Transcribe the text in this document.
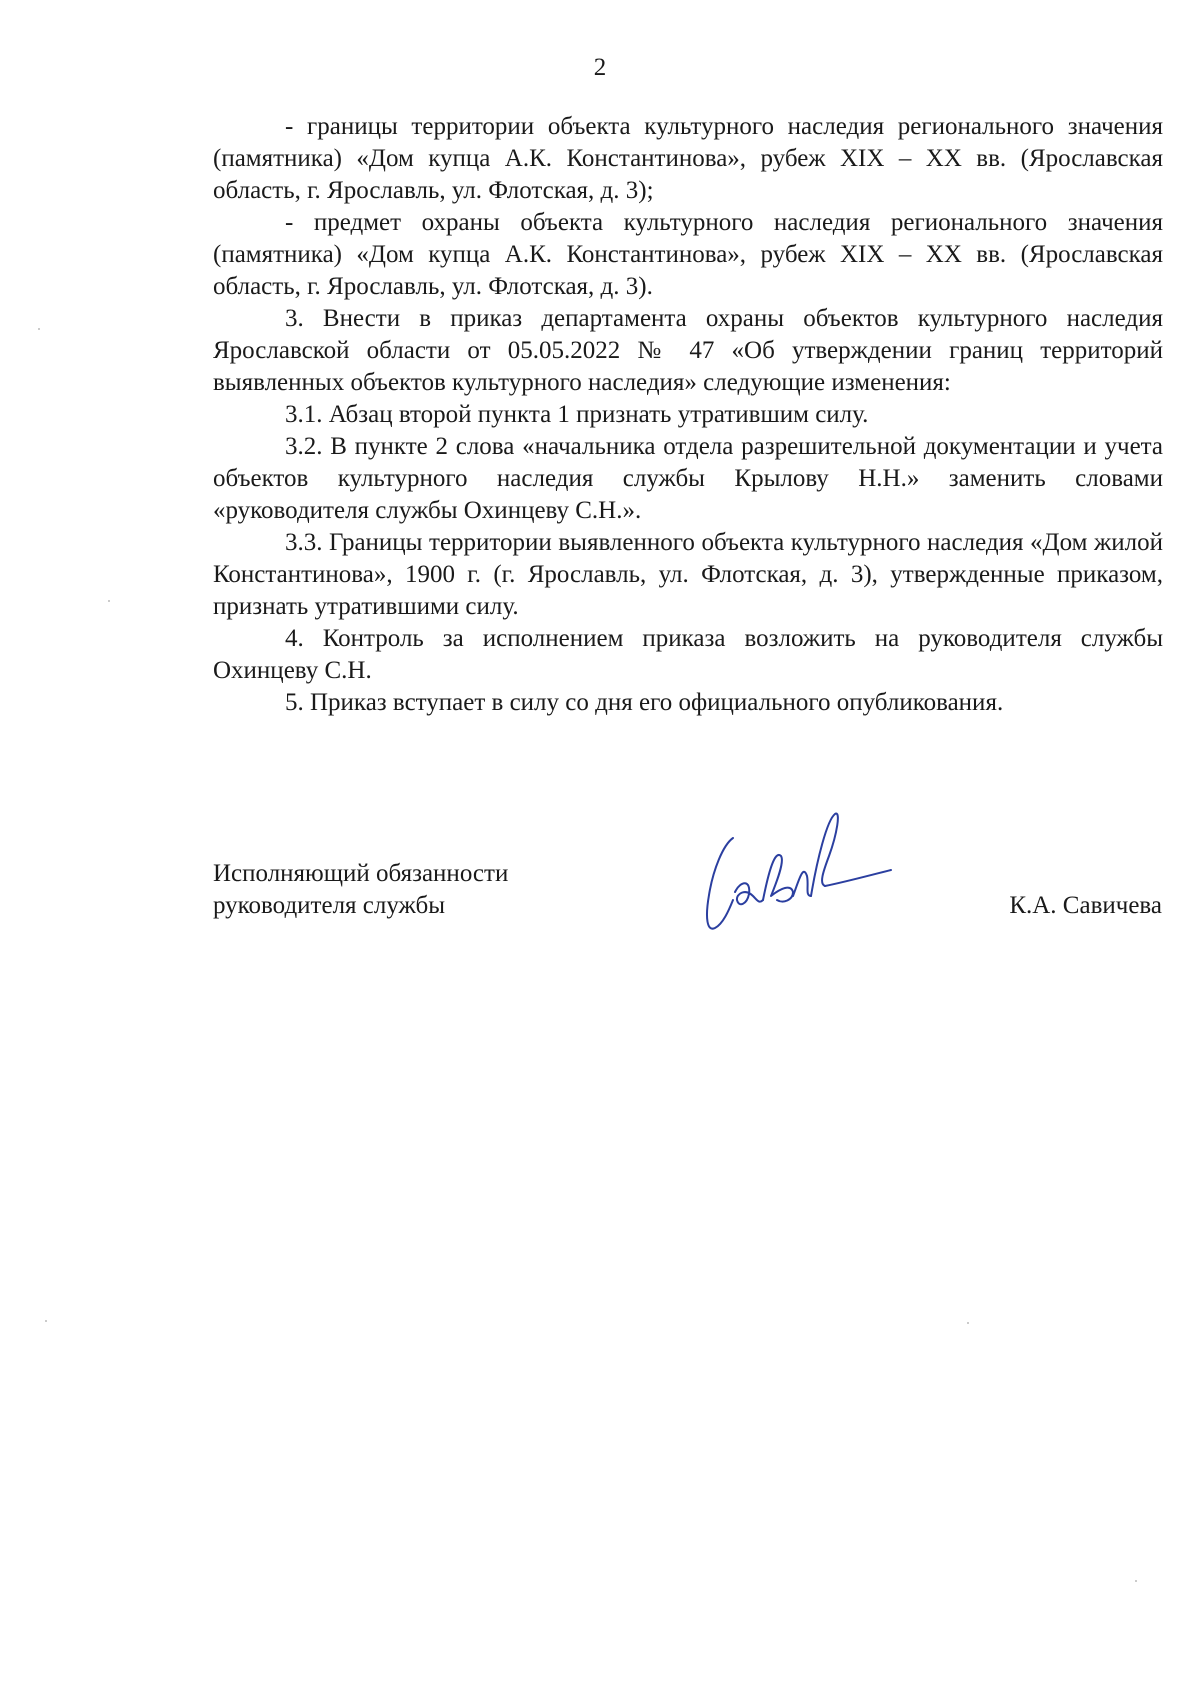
2

- границы территории объекта культурного наследия регионального значения (памятника) «Дом купца А.К. Константинова», рубеж XIX – XX вв. (Ярославская область, г. Ярославль, ул. Флотская, д. 3);

- предмет охраны объекта культурного наследия регионального значения (памятника) «Дом купца А.К. Константинова», рубеж XIX – XX вв. (Ярославская область, г. Ярославль, ул. Флотская, д. 3).

3. Внести в приказ департамента охраны объектов культурного наследия Ярославской области от 05.05.2022 № 47 «Об утверждении границ территорий выявленных объектов культурного наследия» следующие изменения:

3.1. Абзац второй пункта 1 признать утратившим силу.

3.2. В пункте 2 слова «начальника отдела разрешительной документации и учета объектов культурного наследия службы Крылову Н.Н.» заменить словами «руководителя службы Охинцеву С.Н.».

3.3. Границы территории выявленного объекта культурного наследия «Дом жилой Константинова», 1900 г. (г. Ярославль, ул. Флотская, д. 3), утвержденные приказом, признать утратившими силу.

4. Контроль за исполнением приказа возложить на руководителя службы Охинцеву С.Н.

5. Приказ вступает в силу со дня его официального опубликования.

Исполняющий обязанности
руководителя службы	К.А. Савичева
